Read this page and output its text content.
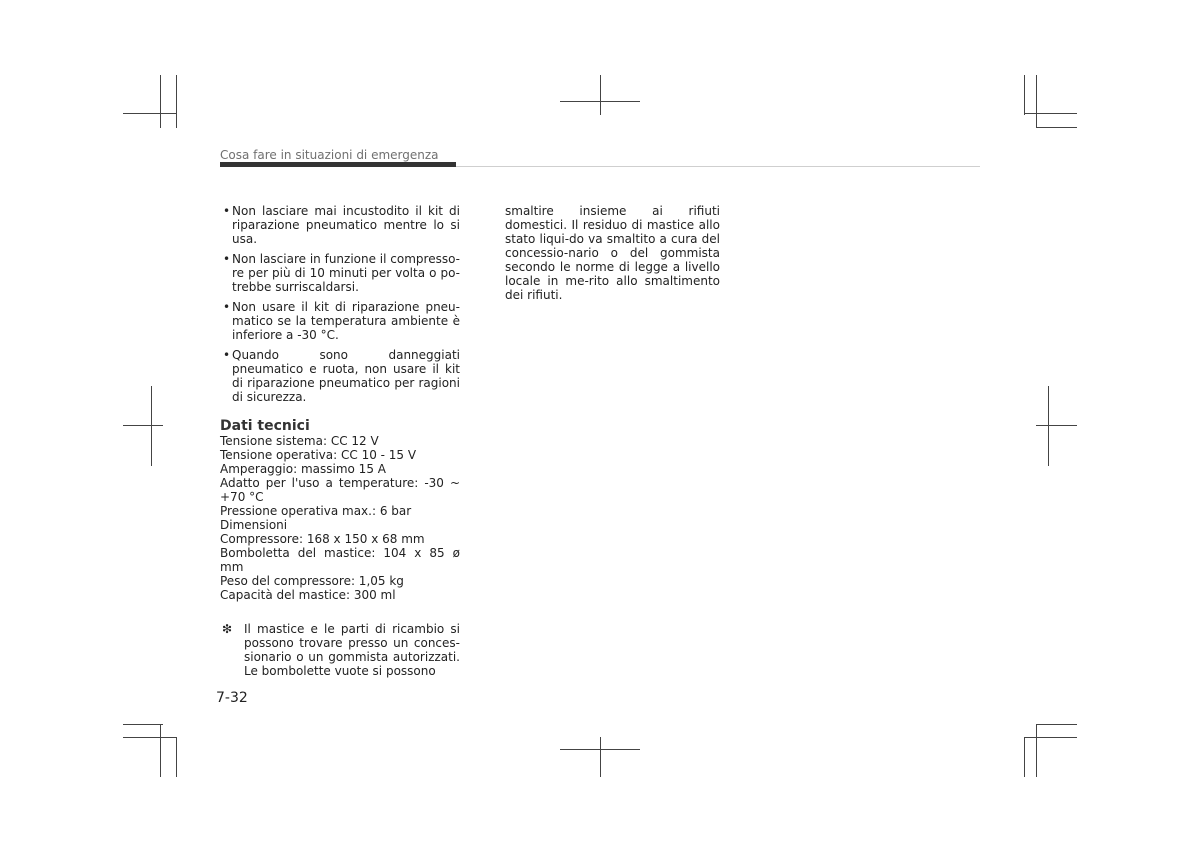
Cosa fare in situazioni di emergenza
• Non lasciare mai incustodito il kit di riparazione pneumatico mentre lo si usa.
• Non lasciare in funzione il compresso-re per più di 10 minuti per volta o po-trebbe surriscaldarsi.
• Non usare il kit di riparazione pneu-matico se la temperatura ambiente è inferiore a -30 °C.
• Quando sono danneggiati pneumatico e ruota, non usare il kit di riparazione pneumatico per ragioni di sicurezza.
Dati tecnici
Tensione sistema: CC 12 V
Tensione operativa: CC 10 - 15 V
Amperaggio: massimo 15 A
Adatto per l'uso a temperature: -30 ~ +70 °C
Pressione operativa max.: 6 bar
Dimensioni
Compressore: 168 x 150 x 68 mm
Bomboletta del mastice: 104 x 85 ø mm
Peso del compressore: 1,05 kg
Capacità del mastice: 300 ml
❇ Il mastice e le parti di ricambio si possono trovare presso un conces-sionario o un gommista autorizzati. Le bombolette vuote si possono
smaltire insieme ai rifiuti domestici. Il residuo di mastice allo stato liqui-do va smaltito a cura del concessio-nario o del gommista secondo le norme di legge a livello locale in me-rito allo smaltimento dei rifiuti.
7-32
